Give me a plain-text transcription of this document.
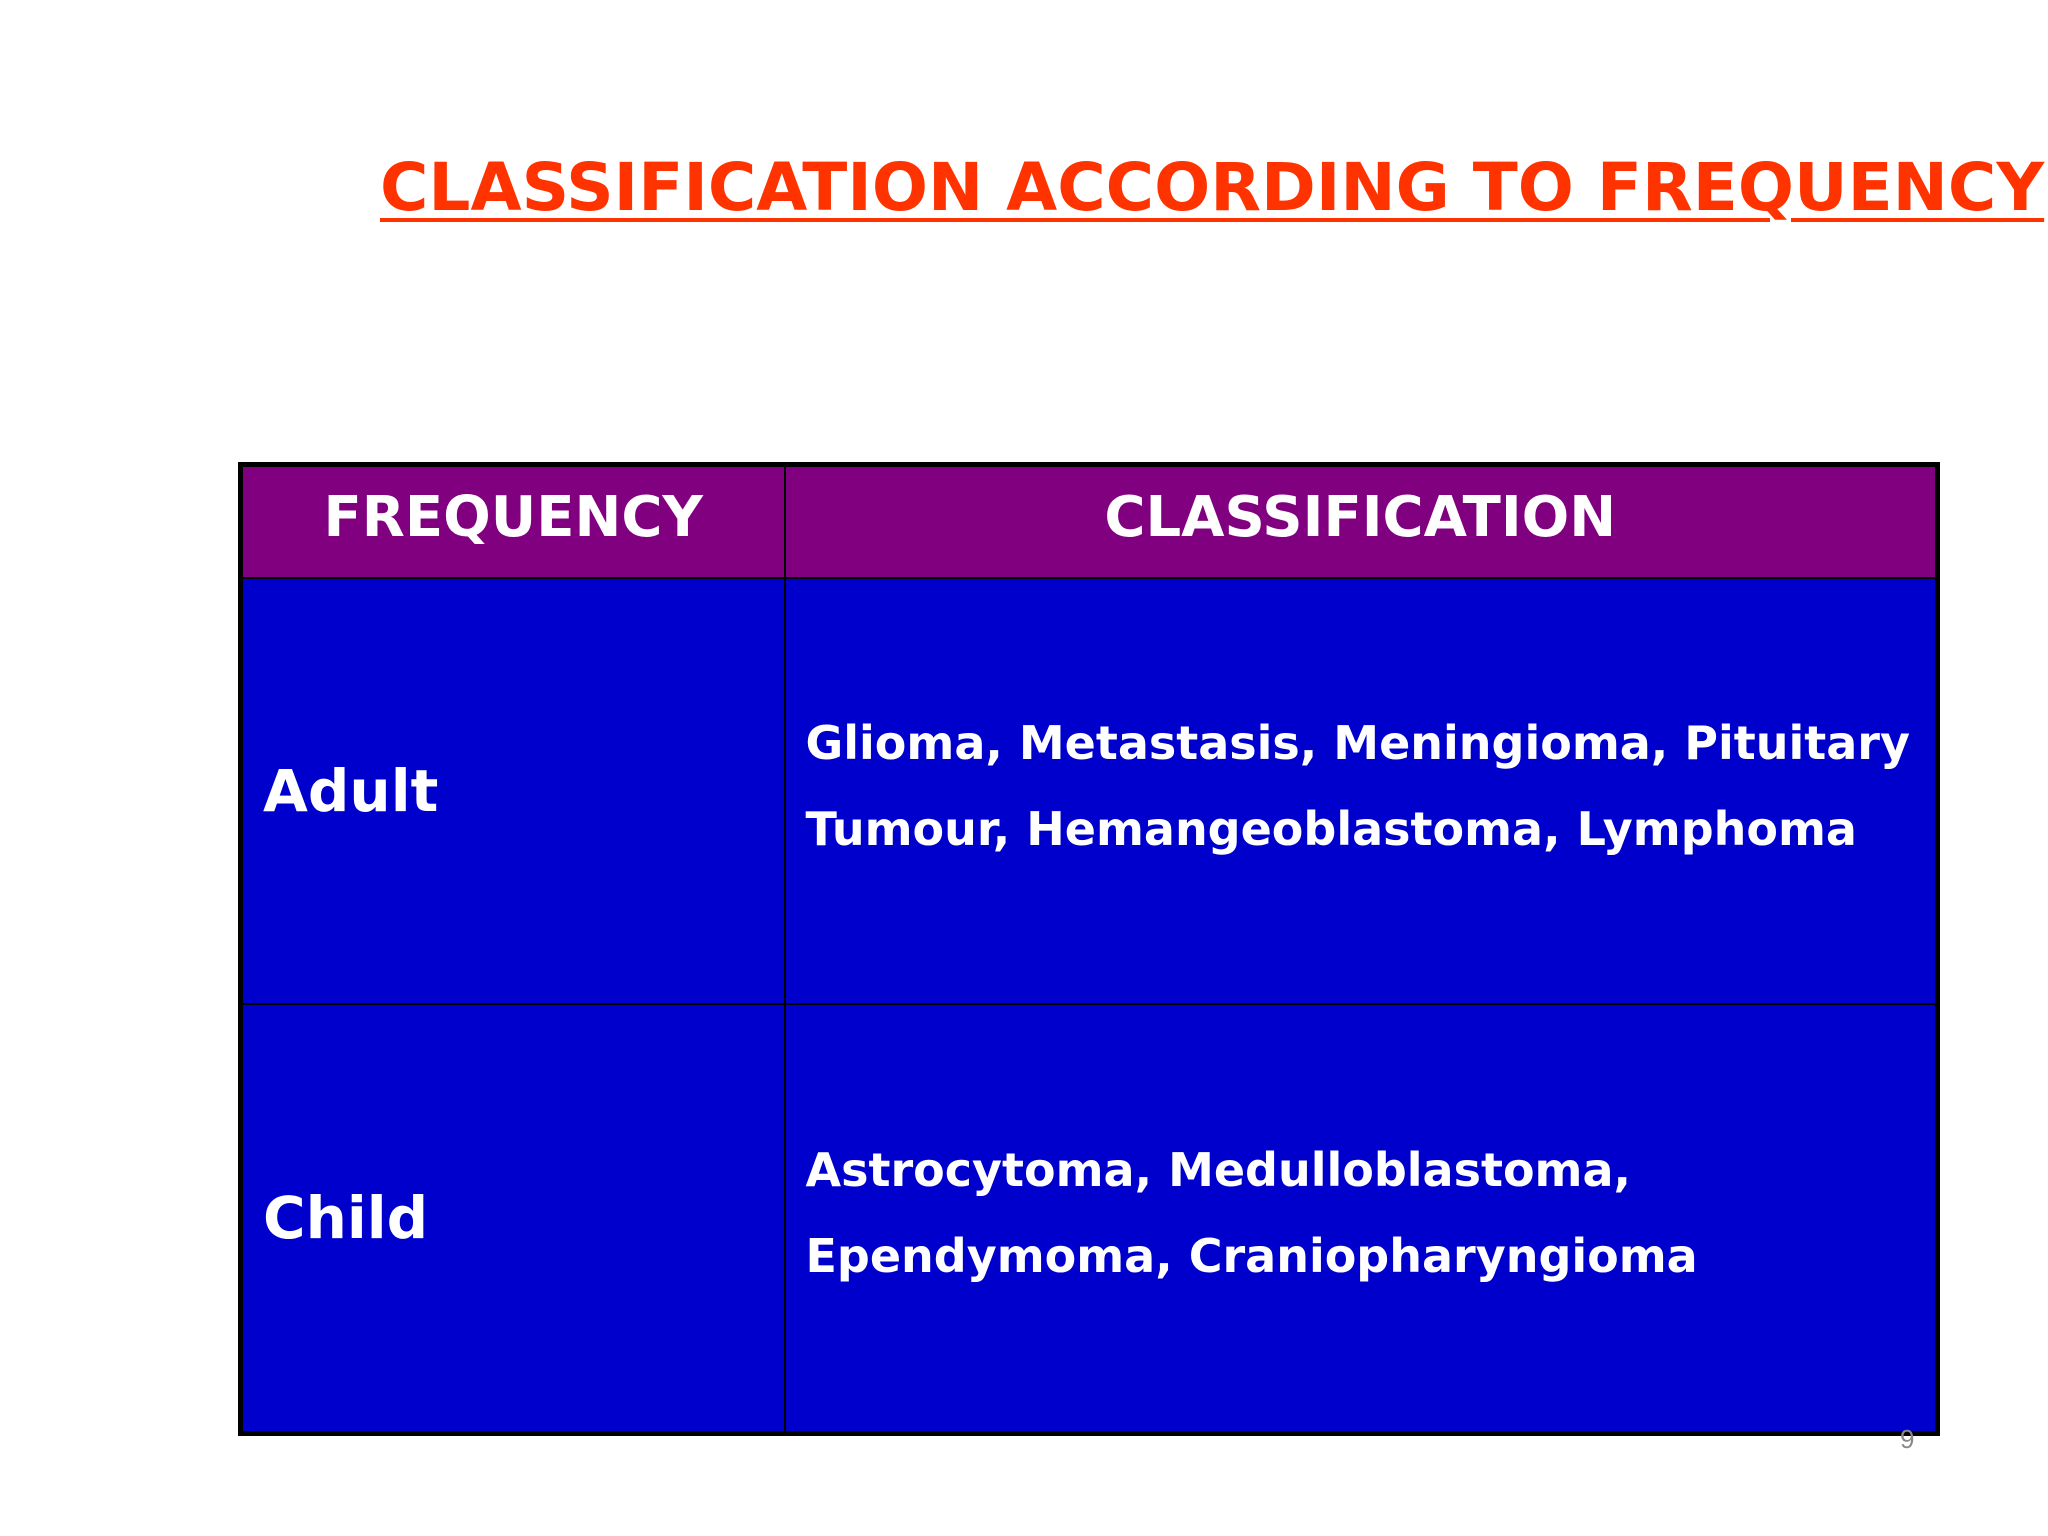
CLASSIFICATION ACCORDING TO FREQUENCY
FREQUENCY	CLASSIFICATION
Adult	Glioma, Metastasis, Meningioma, Pituitary
Tumour, Hemangeoblastoma, Lymphoma

Child	Astrocytoma, Medulloblastoma,
Ependymoma, Craniopharyngioma
9
